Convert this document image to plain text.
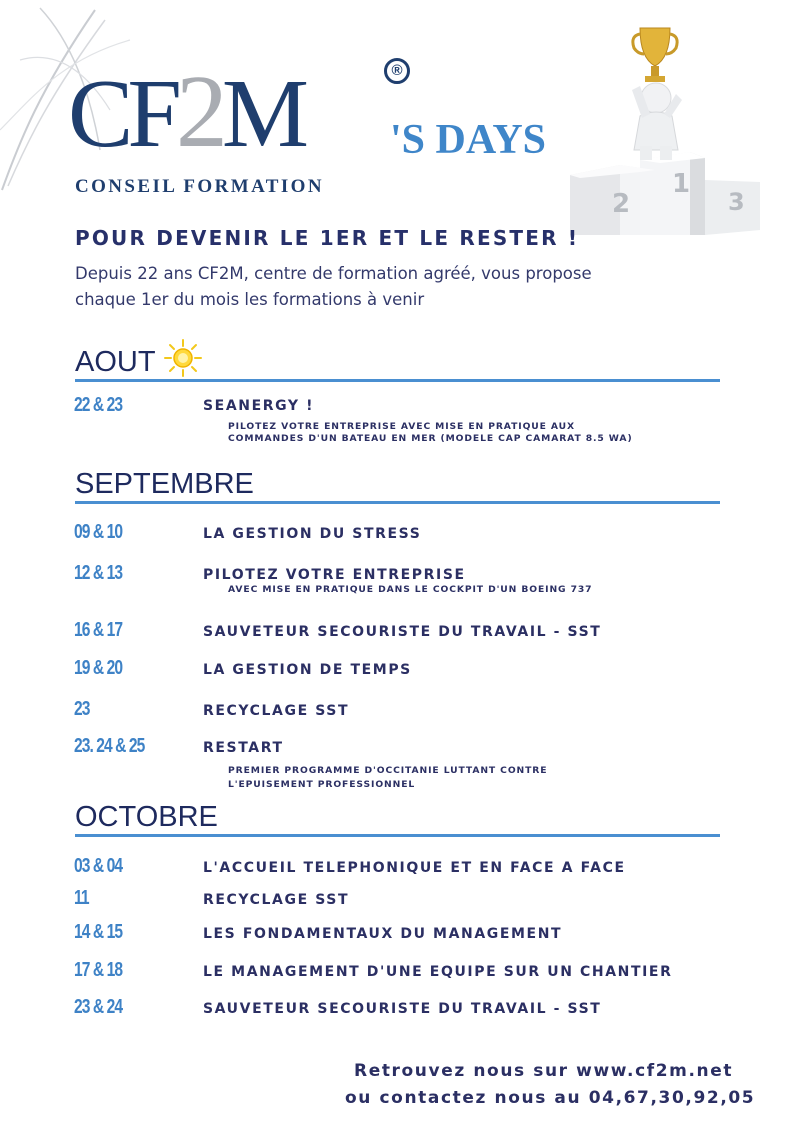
CF2M	®
CONSEIL FORMATION
'S DAYS
2
1
3
POUR DEVENIR LE 1ER ET LE RESTER !
Depuis 22 ans CF2M, centre de formation agréé, vous propose
chaque 1er du mois les formations à venir
AOUT
22 & 23	SEANERGY !
PILOTEZ VOTRE ENTREPRISE AVEC MISE EN PRATIQUE AUX
COMMANDES D'UN BATEAU EN MER (MODELE CAP CAMARAT 8.5 WA)
SEPTEMBRE
09 & 10	LA GESTION DU STRESS
12 & 13	PILOTEZ VOTRE ENTREPRISE
AVEC MISE EN PRATIQUE DANS LE COCKPIT D'UN BOEING 737
16 & 17	SAUVETEUR SECOURISTE DU TRAVAIL - SST
19 & 20	LA GESTION DE TEMPS
23	RECYCLAGE SST
23. 24 & 25	RESTART
PREMIER PROGRAMME D'OCCITANIE LUTTANT CONTRE
L'EPUISEMENT PROFESSIONNEL
OCTOBRE
03 & 04	L'ACCUEIL TELEPHONIQUE ET EN FACE A FACE
11	RECYCLAGE SST
14 & 15	LES FONDAMENTAUX DU MANAGEMENT
17 & 18	LE MANAGEMENT D'UNE EQUIPE SUR UN CHANTIER
23 & 24	SAUVETEUR SECOURISTE DU TRAVAIL - SST
Retrouvez nous sur www.cf2m.net
ou contactez nous au 04,67,30,92,05
